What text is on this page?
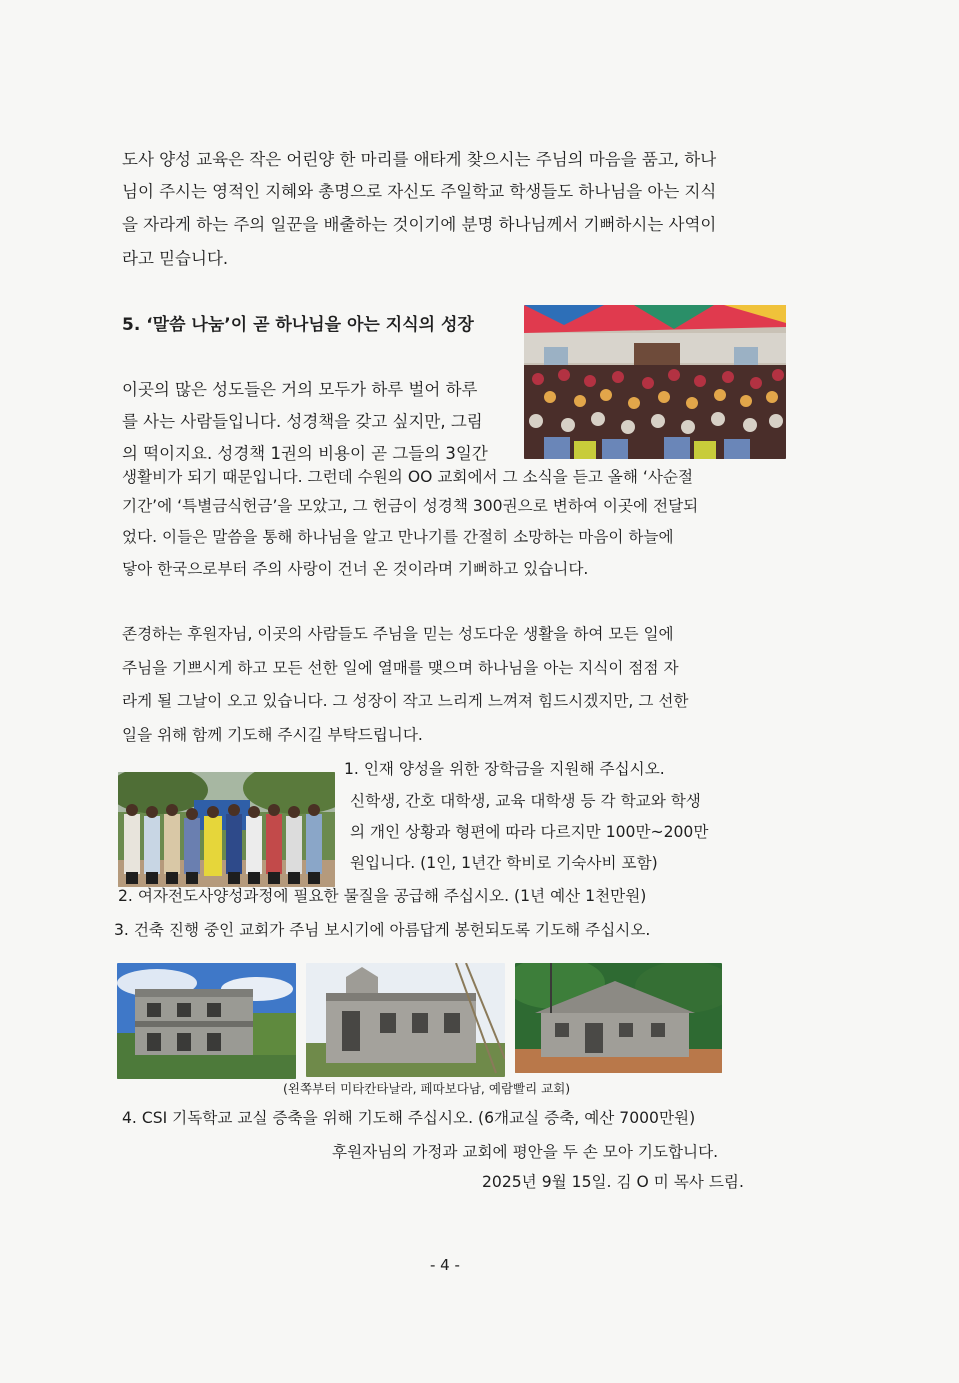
도사 양성 교육은 작은 어린양 한 마리를 애타게 찾으시는 주님의 마음을 품고, 하나
님이 주시는 영적인 지혜와 총명으로 자신도 주일학교 학생들도 하나님을 아는 지식
을 자라게 하는 주의 일꾼을 배출하는 것이기에 분명 하나님께서 기뻐하시는 사역이
라고 믿습니다.
5. ‘말씀 나눔’이 곧 하나님을 아는 지식의 성장
이곳의 많은 성도들은 거의 모두가 하루 벌어 하루
를 사는 사람들입니다. 성경책을 갖고 싶지만, 그림
의 떡이지요. 성경책 1권의 비용이 곧 그들의 3일간
생활비가 되기 때문입니다. 그런데 수원의 OO 교회에서 그 소식을 듣고 올해 ‘사순절
기간’에 ‘특별금식헌금’을 모았고, 그 헌금이 성경책 300권으로 변하여 이곳에 전달되
었다. 이들은 말씀을 통해 하나님을 알고 만나기를 간절히 소망하는 마음이 하늘에
닿아 한국으로부터 주의 사랑이 건너 온 것이라며 기뻐하고 있습니다.
존경하는 후원자님, 이곳의 사람들도 주님을 믿는 성도다운 생활을 하여 모든 일에
주님을 기쁘시게 하고 모든 선한 일에 열매를 맺으며 하나님을 아는 지식이 점점 자
라게 될 그날이 오고 있습니다. 그 성장이 작고 느리게 느껴져 힘드시겠지만, 그 선한
일을 위해 함께 기도해 주시길 부탁드립니다.
1. 인재 양성을 위한 장학금을 지원해 주십시오.
신학생, 간호 대학생, 교육 대학생 등 각 학교와 학생
의 개인 상황과 형편에 따라 다르지만 100만~200만
원입니다. (1인, 1년간 학비로 기숙사비 포함)
2. 여자전도사양성과정에 필요한 물질을 공급해 주십시오. (1년 예산 1천만원)
3. 건축 진행 중인 교회가 주님 보시기에 아름답게 봉헌되도록 기도해 주십시오.
(왼쪽부터 미타칸타날라, 페따보다남, 예람빨리 교회)
4. CSI 기독학교 교실 증축을 위해 기도해 주십시오. (6개교실 증축, 예산 7000만원)
후원자님의 가정과 교회에 평안을 두 손 모아 기도합니다.
2025년 9월 15일. 김 O 미 목사 드림.
- 4 -
